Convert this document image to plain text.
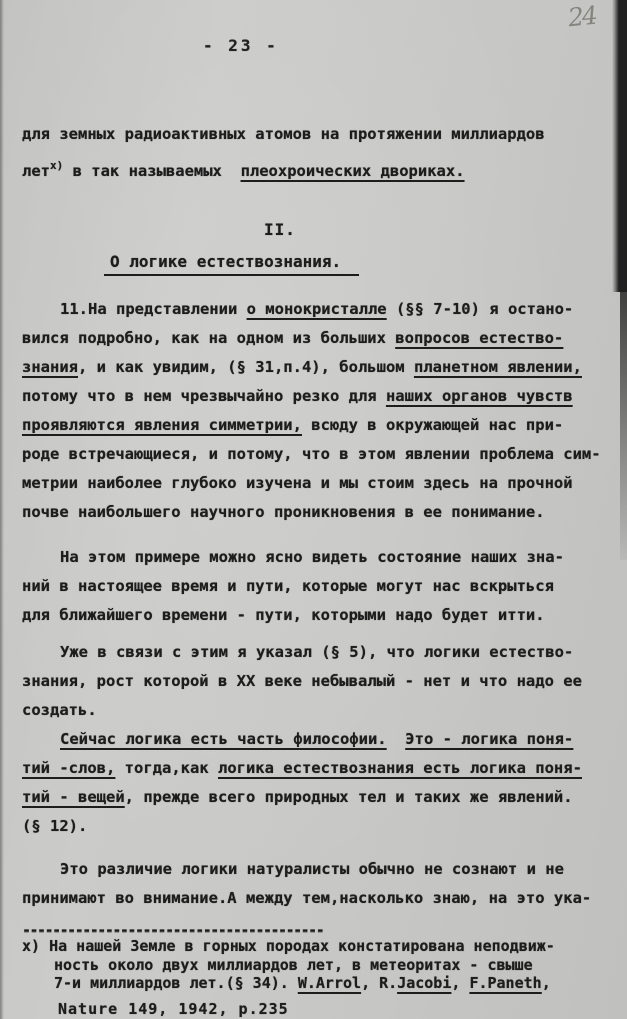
24
- 23 -
для земных радиоактивных атомов на протяжении миллиардов
лет$^{х)}$ в так называемых  плеохроических двориках.
II.
О логике естествознания.
11.На представлении о монокристалле (§§ 7-10) я остано-
вился подробно, как на одном из больших вопросов естество-
знания, и как увидим, (§ 31,п.4), большом планетном явлении,
потому что в нем чрезвычайно резко для наших органов чувств
проявляются явления симметрии, всюду в окружающей нас при-
роде встречающиеся, и потому, что в этом явлении проблема сим-
метрии наиболее глубоко изучена и мы стоим здесь на прочной
почве наибольшего научного проникновения в ее понимание.
На этом примере можно ясно видеть состояние наших зна-
ний в настоящее время и пути, которые могут нас вскрыться
для ближайшего времени - пути, которыми надо будет итти.
Уже в связи с этим я указал (§ 5), что логики естество-
знания, рост которой в XX веке небывалый - нет и что надо ее
создать.
Сейчас логика есть часть философии. Это - логика поня-
тий -слов, тогда,как логика естествознания есть логика поня-
тий - вещей, прежде всего природных тел и таких же явлений.
(§ 12).
Это различие логики натуралисты обычно не сознают и не
принимают во внимание.А между тем,насколько знаю, на это ука-
----------------------------------------
х) На нашей Земле в горных породах констатирована неподвиж-
ность около двух миллиардов лет, в метеоритах - свыше
7-и миллиардов лет.(§ 34). W.Arrol, R.Jacobi, F.Paneth,
Nature 149, 1942, p.235
